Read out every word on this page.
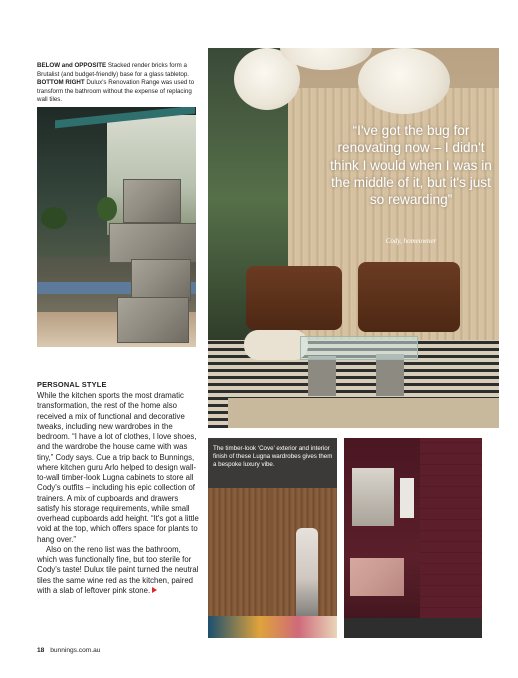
BELOW and OPPOSITE Stacked render bricks form a Brutalist (and budget-friendly) base for a glass tabletop. BOTTOM RIGHT Dulux's Renovation Range was used to transform the bathroom without the expense of replacing wall tiles.
“I've got the bug for renovating now – I didn't think I would when I was in the middle of it, but it's just so rewarding”
Cody, homeowner
PERSONAL STYLE

While the kitchen sports the most dramatic transformation, the rest of the home also received a mix of functional and decorative tweaks, including new wardrobes in the bedroom. “I have a lot of clothes, I love shoes, and the wardrobe the house came with was tiny,” Cody says. Cue a trip back to Bunnings, where kitchen guru Arlo helped to design wall-to-wall timber-look Lugna cabinets to store all Cody's outfits – including his epic collection of trainers. A mix of cupboards and drawers satisfy his storage requirements, while small overhead cupboards add height. “It's got a little void at the top, which offers space for plants to hang over.”

Also on the reno list was the bathroom, which was functionally fine, but too sterile for Cody's taste! Dulux tile paint turned the neutral tiles the same wine red as the kitchen, paired with a slab of leftover pink stone.

The timber-look ‘Cove’ exterior and interior finish of these Lugna wardrobes gives them a bespoke luxury vibe.
18 bunnings.com.au
